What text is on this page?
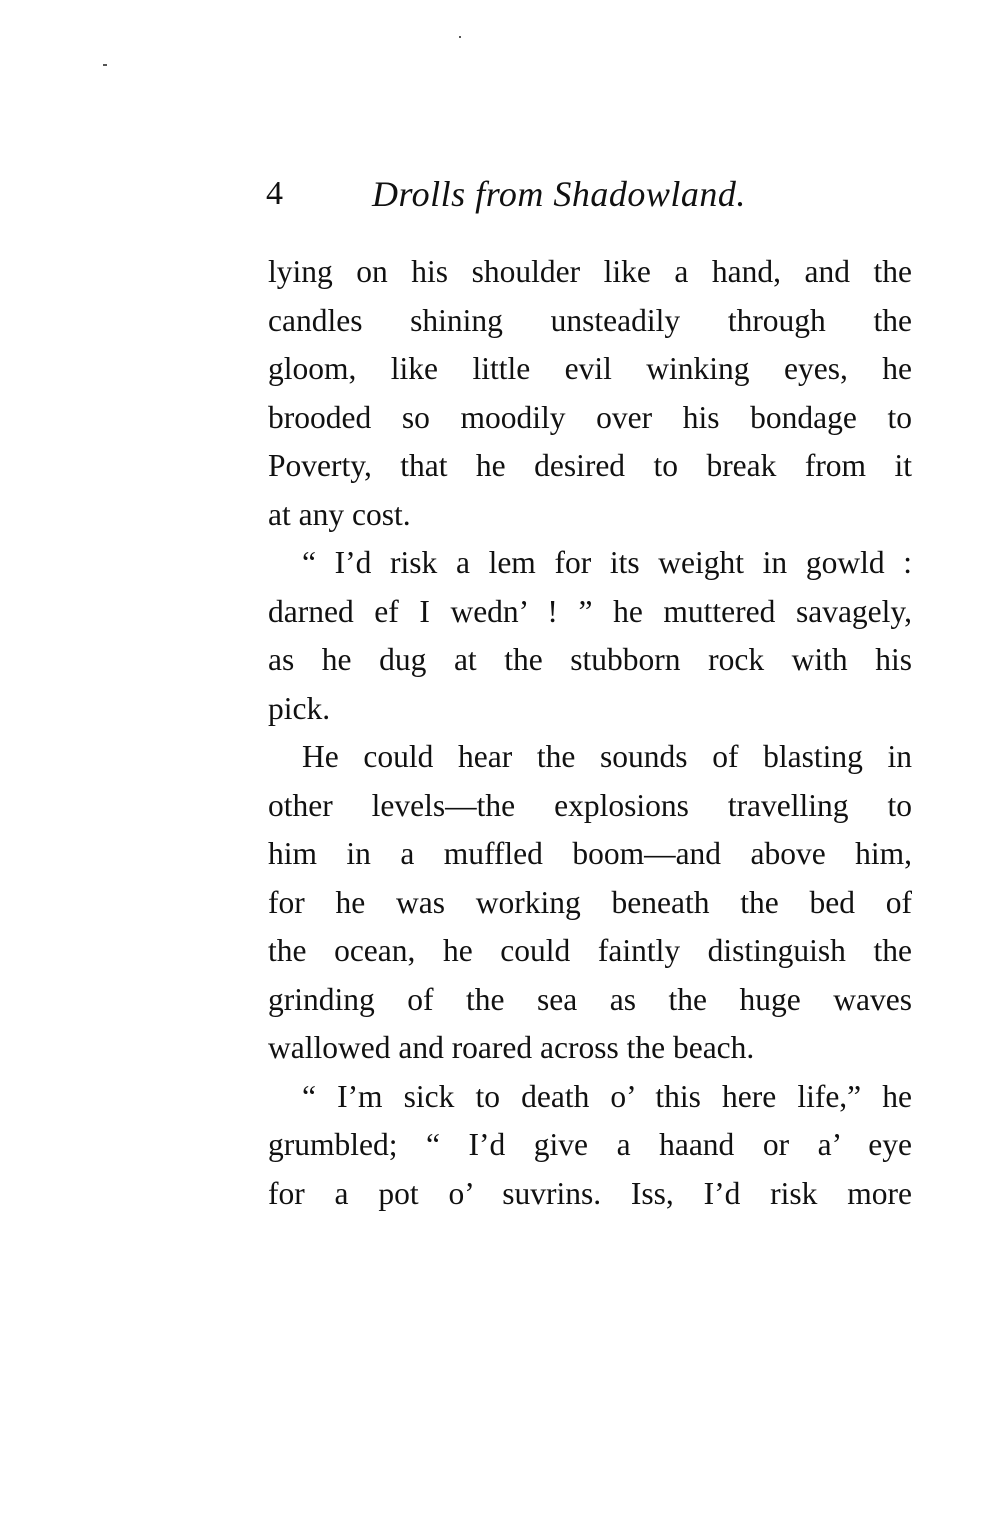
4 Drolls from Shadowland.
lying on his shoulder like a hand, and the
candles shining unsteadily through the
gloom, like little evil winking eyes, he
brooded so moodily over his bondage to
Poverty, that he desired to break from it
at any cost.
“ I’d risk a lem for its weight in gowld :
darned ef I wedn’ ! ” he muttered savagely,
as he dug at the stubborn rock with his
pick.
He could hear the sounds of blasting in
other levels—the explosions travelling to
him in a muffled boom—and above him,
for he was working beneath the bed of
the ocean, he could faintly distinguish the
grinding of the sea as the huge waves
wallowed and roared across the beach.
“ I’m sick to death o’ this here life,” he
grumbled; “ I’d give a haand or a’ eye
for a pot o’ suvrins. Iss, I’d risk more
